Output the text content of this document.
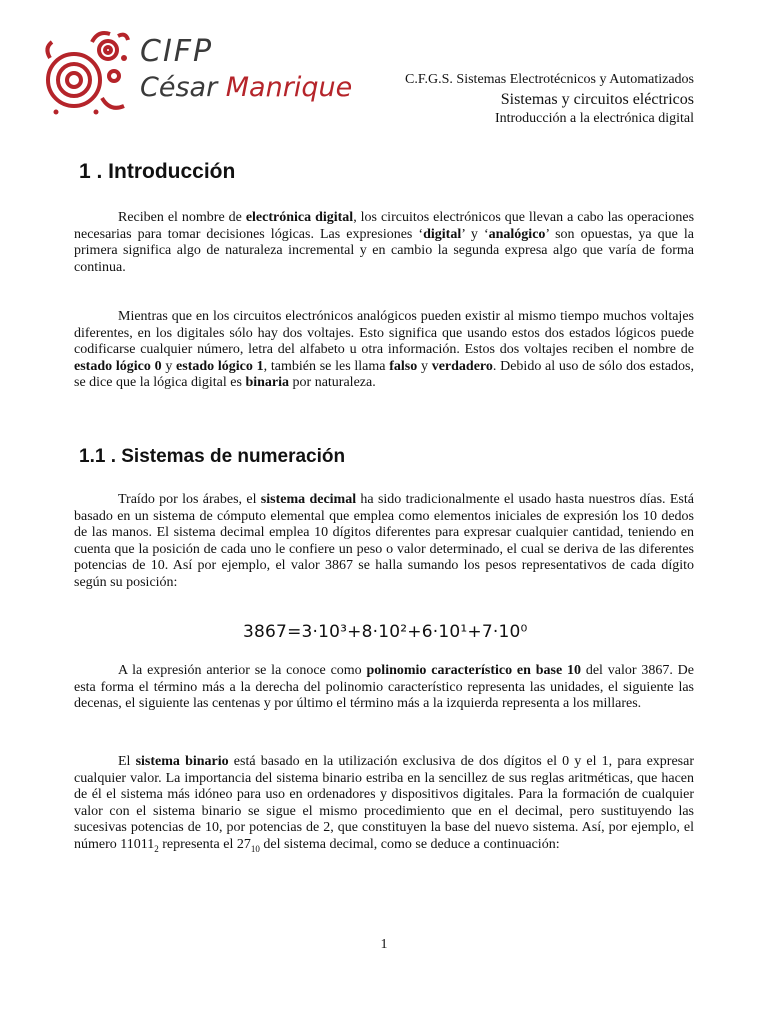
CIFP
César Manrique	C.F.G.S. Sistemas Electrotécnicos y Automatizados
Sistemas y circuitos eléctricos
Introducción a la electrónica digital
1 . Introducción

Reciben el nombre de electrónica digital, los circuitos electrónicos que llevan a cabo las operaciones necesarias para tomar decisiones lógicas. Las expresiones ‘digital’ y ‘analógico’ son opuestas, ya que la primera significa algo de naturaleza incremental y en cambio la segunda expresa algo que varía de forma continua.

Mientras que en los circuitos electrónicos analógicos pueden existir al mismo tiempo muchos voltajes diferentes, en los digitales sólo hay dos voltajes. Esto significa que usando estos dos estados lógicos puede codificarse cualquier número, letra del alfabeto u otra información. Estos dos voltajes reciben el nombre de estado lógico 0 y estado lógico 1, también se les llama falso y verdadero. Debido al uso de sólo dos estados, se dice que la lógica digital es binaria por naturaleza.

1.1 . Sistemas de numeración

Traído por los árabes, el sistema decimal ha sido tradicionalmente el usado hasta nuestros días. Está basado en un sistema de cómputo elemental que emplea como elementos iniciales de expresión los 10 dedos de las manos. El sistema decimal emplea 10 dígitos diferentes para expresar cualquier cantidad, teniendo en cuenta que la posición de cada uno le confiere un peso o valor determinado, el cual se deriva de las diferentes potencias de 10. Así por ejemplo, el valor 3867 se halla sumando los pesos representativos de cada dígito según su posición:

3867=3·10³+8·10²+6·10¹+7·10⁰

A la expresión anterior se la conoce como polinomio característico en base 10 del valor 3867. De esta forma el término más a la derecha del polinomio característico representa las unidades, el siguiente las decenas, el siguiente las centenas y por último el término más a la izquierda representa a los millares.

El sistema binario está basado en la utilización exclusiva de dos dígitos el 0 y el 1, para expresar cualquier valor. La importancia del sistema binario estriba en la sencillez de sus reglas aritméticas, que hacen de él el sistema más idóneo para uso en ordenadores y dispositivos digitales. Para la formación de cualquier valor con el sistema binario se sigue el mismo procedimiento que en el decimal, pero sustituyendo las sucesivas potencias de 10, por potencias de 2, que constituyen la base del nuevo sistema. Así, por ejemplo, el número $11011_2$ representa el $27_{10}$ del sistema decimal, como se deduce a continuación:

1
